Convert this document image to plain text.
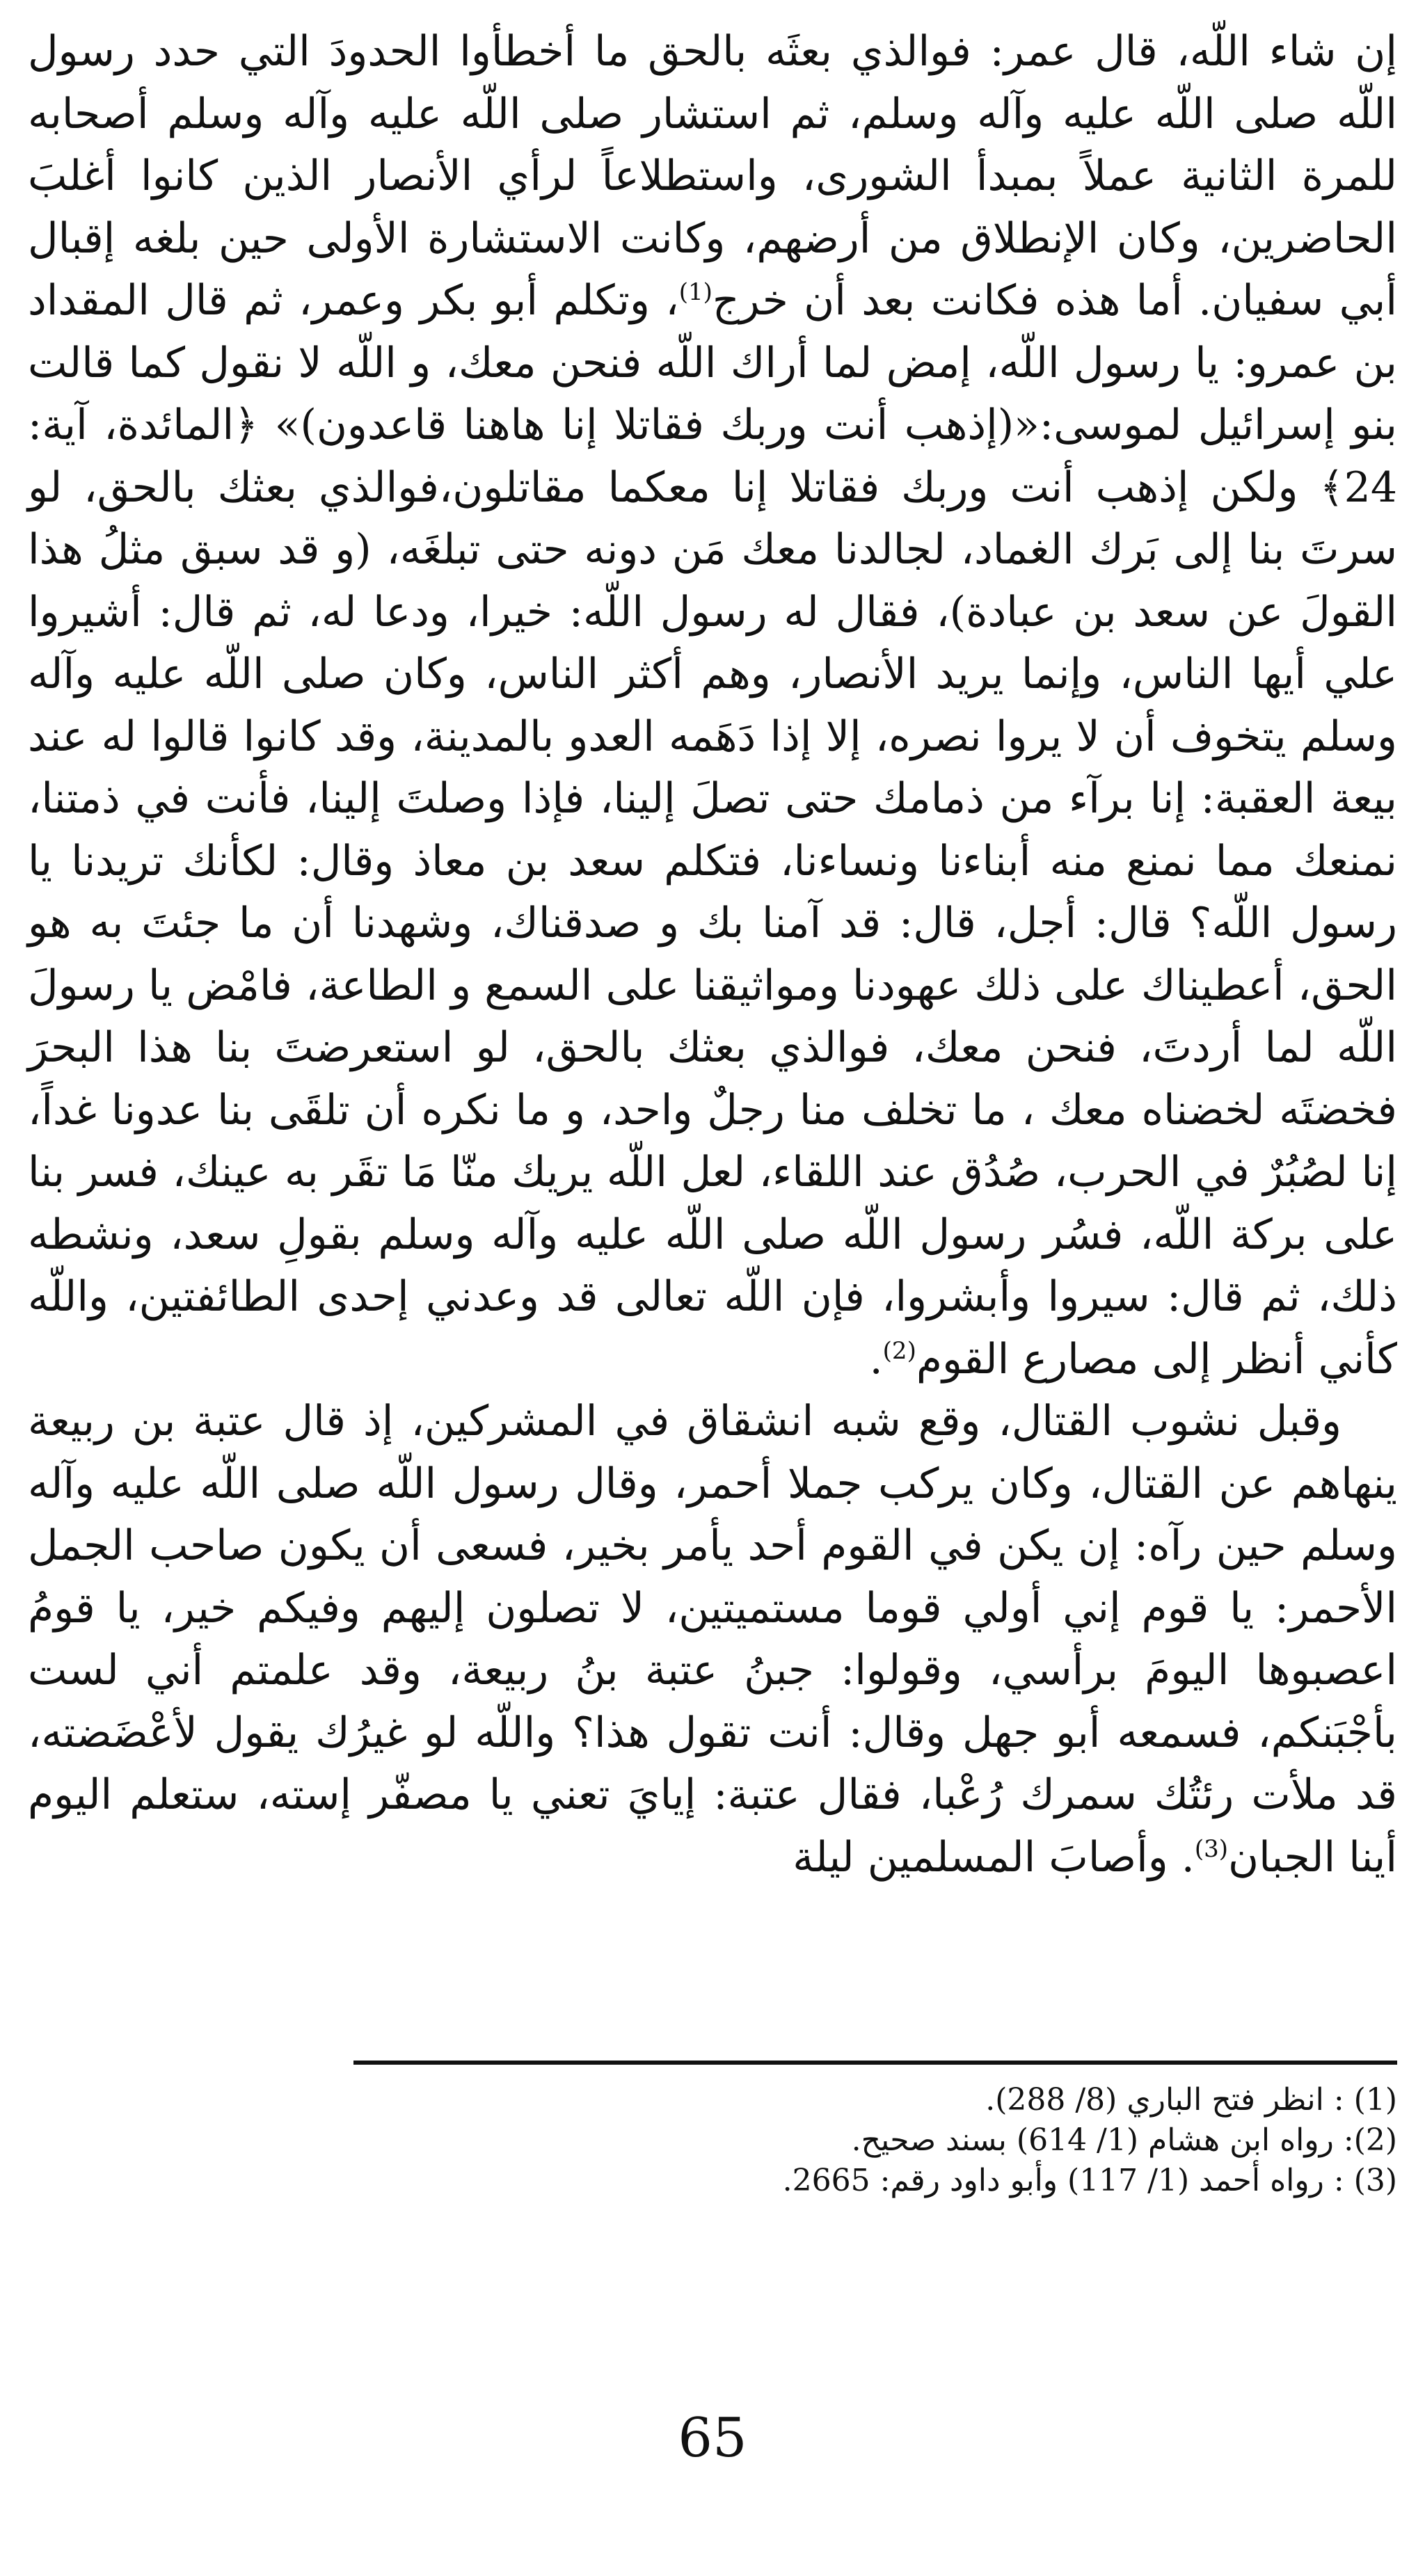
إن شاء اللّه، قال عمر: فوالذي بعثَه بالحق ما أخطأوا الحدودَ التي حدد رسول اللّه صلى اللّه عليه وآله وسلم، ثم استشار صلى اللّه عليه وآله وسلم أصحابه للمرة الثانية عملاً بمبدأ الشورى، واستطلاعاً لرأي الأنصار الذين كانوا أغلبَ الحاضرين، وكان الإنطلاق من أرضهم، وكانت الاستشارة الأولى حين بلغه إقبال أبي سفيان. أما هذه فكانت بعد أن خرج$^{(1)}$، وتكلم أبو بكر وعمر، ثم قال المقداد بن عمرو: يا رسول اللّه، إمض لما أراك اللّه فنحن معك، و اللّه لا نقول كما قالت بنو إسرائيل لموسى:«(إذهب أنت وربك فقاتلا إنا هاهنا قاعدون)» ﴿المائدة، آية: 24﴾ ولكن إذهب أنت وربك فقاتلا إنا معكما مقاتلون،فوالذي بعثك بالحق، لو سرتَ بنا إلى بَرك الغماد، لجالدنا معك مَن دونه حتى تبلغَه، (و قد سبق مثلُ هذا القولَ عن سعد بن عبادة)، فقال له رسول اللّه: خيرا، ودعا له، ثم قال: أشيروا علي أيها الناس، وإنما يريد الأنصار، وهم أكثر الناس، وكان صلى اللّه عليه وآله وسلم يتخوف أن لا يروا نصره، إلا إذا دَهَمه العدو بالمدينة، وقد كانوا قالوا له عند بيعة العقبة: إنا برآء من ذمامك حتى تصلَ إلينا، فإذا وصلتَ إلينا، فأنت في ذمتنا، نمنعك مما نمنع منه أبناءنا ونساءنا، فتكلم سعد بن معاذ وقال: لكأنك تريدنا يا رسول اللّه؟ قال: أجل، قال: قد آمنا بك و صدقناك، وشهدنا أن ما جئتَ به هو الحق، أعطيناك على ذلك عهودنا ومواثيقنا على السمع و الطاعة، فامْض يا رسولَ اللّه لما أردتَ، فنحن معك، فوالذي بعثك بالحق، لو استعرضتَ بنا هذا البحرَ فخضتَه لخضناه معك ، ما تخلف منا رجلٌ واحد، و ما نكره أن تلقَى بنا عدونا غداً، إنا لصُبُرٌ في الحرب، صُدُق عند اللقاء، لعل اللّه يريك منّا مَا تقَر به عينك، فسر بنا على بركة اللّه، فسُر رسول اللّه صلى اللّه عليه وآله وسلم بقولِ سعد، ونشطه ذلك، ثم قال: سيروا وأبشروا، فإن اللّه تعالى قد وعدني إحدى الطائفتين، واللّه كأني أنظر إلى مصارع القوم$^{(2)}$.

وقبل نشوب القتال، وقع شبه انشقاق في المشركين، إذ قال عتبة بن ربيعة ينهاهم عن القتال، وكان يركب جملا أحمر، وقال رسول اللّه صلى اللّه عليه وآله وسلم حين رآه: إن يكن في القوم أحد يأمر بخير، فسعى أن يكون صاحب الجمل الأحمر: يا قوم إني أولي قوما مستميتين، لا تصلون إليهم وفيكم خير، يا قومُ اعصبوها اليومَ برأسي، وقولوا: جبنُ عتبة بنُ ربيعة، وقد علمتم أني لست بأجْبَنكم، فسمعه أبو جهل وقال: أنت تقول هذا؟ واللّه لو غيرُك يقول لأعْضَضته، قد ملأت رئتُك سمرك رُعْبا، فقال عتبة: إيايَ تعني يا مصفّر إسته، ستعلم اليوم أينا الجبان$^{(3)}$. وأصابَ المسلمين ليلة

(1) : انظر فتح الباري (8/ 288).
(2): رواه ابن هشام (1/ 614) بسند صحيح.
(3) : رواه أحمد (1/ 117) وأبو داود رقم: 2665.
65
